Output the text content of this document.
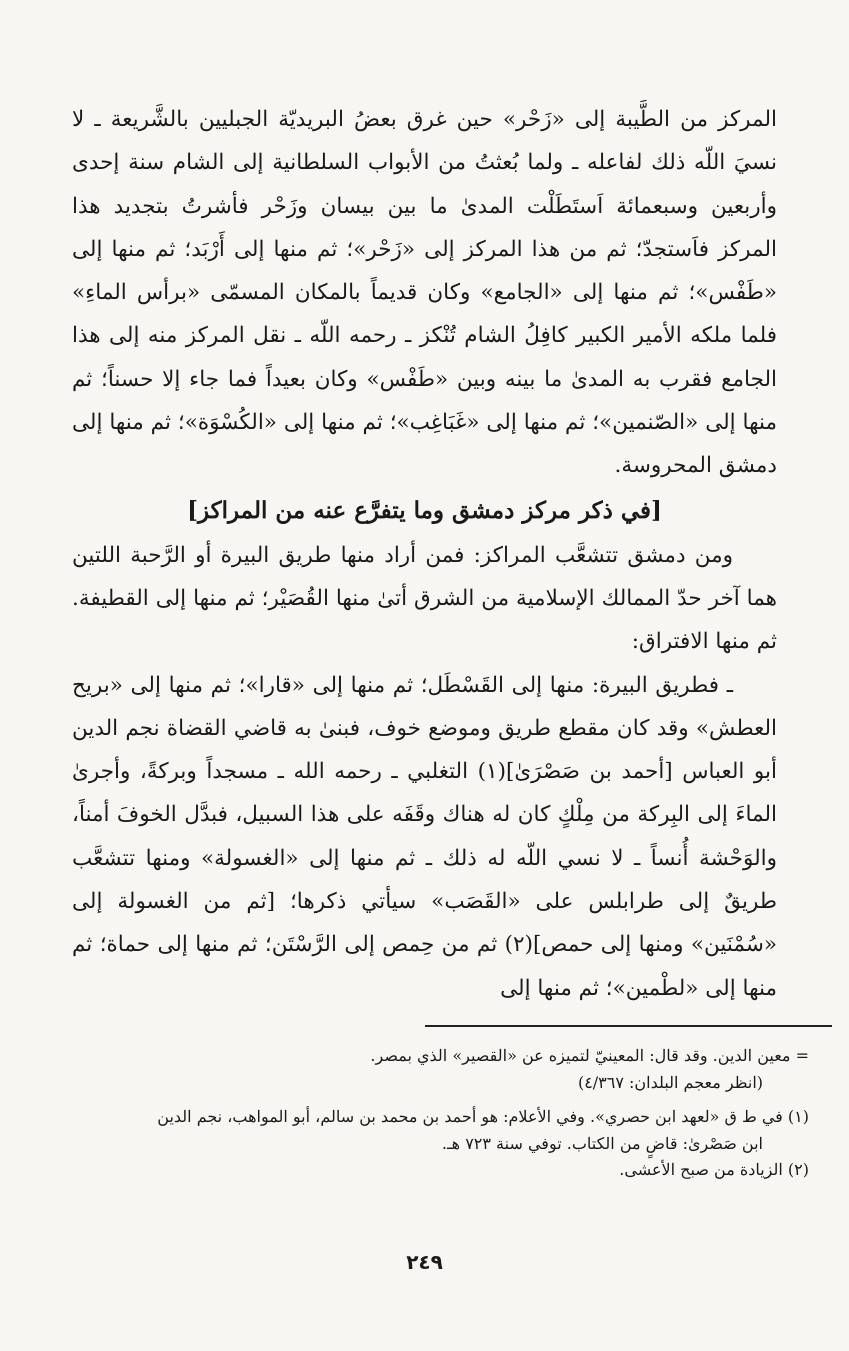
المركز من الطَّيبة إلى «زَحْر» حين غرق بعضُ البريديّة الجبليين بالشَّريعة ـ لا نسيَ اللّه ذلك لفاعله ـ ولما بُعثتُ من الأبواب السلطانية إلى الشام سنة إحدى وأربعين وسبعمائة اَستَطَلْت المدىٰ ما بين بيسان وزَحْر فأشرتُ بتجديد هذا المركز فاَستجدّ؛ ثم من هذا المركز إلى «زَحْر»؛ ثم منها إلى أَرْبَد؛ ثم منها إلى «طَفْس»؛ ثم منها إلى «الجامع» وكان قديماً بالمكان المسمّى «برأس الماءِ» فلما ملكه الأمير الكبير كافِلُ الشام تُنْكز ـ رحمه اللّه ـ نقل المركز منه إلى هذا الجامع فقرب به المدىٰ ما بينه وبين «طَفْس» وكان بعيداً فما جاء إلا حسناً؛ ثم منها إلى «الصّنمين»؛ ثم منها إلى «غَبَاغِب»؛ ثم منها إلى «الكُسْوَة»؛ ثم منها إلى دمشق المحروسة.

[في ذكر مركز دمشق وما يتفرَّع عنه من المراكز]

ومن دمشق تتشعَّب المراكز: فمن أراد منها طريق البيرة أو الرَّحبة اللتين هما آخر حدّ الممالك الإسلامية من الشرق أتىٰ منها القُصَيْر؛ ثم منها إلى القطيفة. ثم منها الافتراق:

ـ فطريق البيرة: منها إلى القَسْطَل؛ ثم منها إلى «قارا»؛ ثم منها إلى «بريح العطش» وقد كان مقطع طريق وموضع خوف، فبنىٰ به قاضي القضاة نجم الدين أبو العباس [أحمد بن صَصْرَىٰ](١) التغلبي ـ رحمه الله ـ مسجداً وبركةً، وأجرىٰ الماءَ إلى البِركة من مِلْكٍ كان له هناك وقَفَه على هذا السبيل، فبدَّل الخوفَ أمناً، والوَحْشة أُنساً ـ لا نسي اللّه له ذلك ـ ثم منها إلى «الغسولة» ومنها تتشعَّب طريقٌ إلى طرابلس على «القَصَب» سيأتي ذكرها؛ [ثم من الغسولة إلى «سُمْنَين» ومنها إلى حمص](٢) ثم من حِمص إلى الرَّسْتَن؛ ثم منها إلى حماة؛ ثم منها إلى «لطْمين»؛ ثم منها إلى

= معين الدين. وقد قال: المعينيّ لتميزه عن «القصير» الذي بمصر.

(انظر معجم البلدان: ٤/٣٦٧)

(١) في ط ق «لعهد ابن حصري». وفي الأعلام: هو أحمد بن محمد بن سالم، أبو المواهب، نجم الدين

ابن صَصْرىٰ: قاضٍ من الكتاب. توفي سنة ٧٢٣ هـ.

(٢) الزيادة من صبح الأعشى.

٢٤٩
